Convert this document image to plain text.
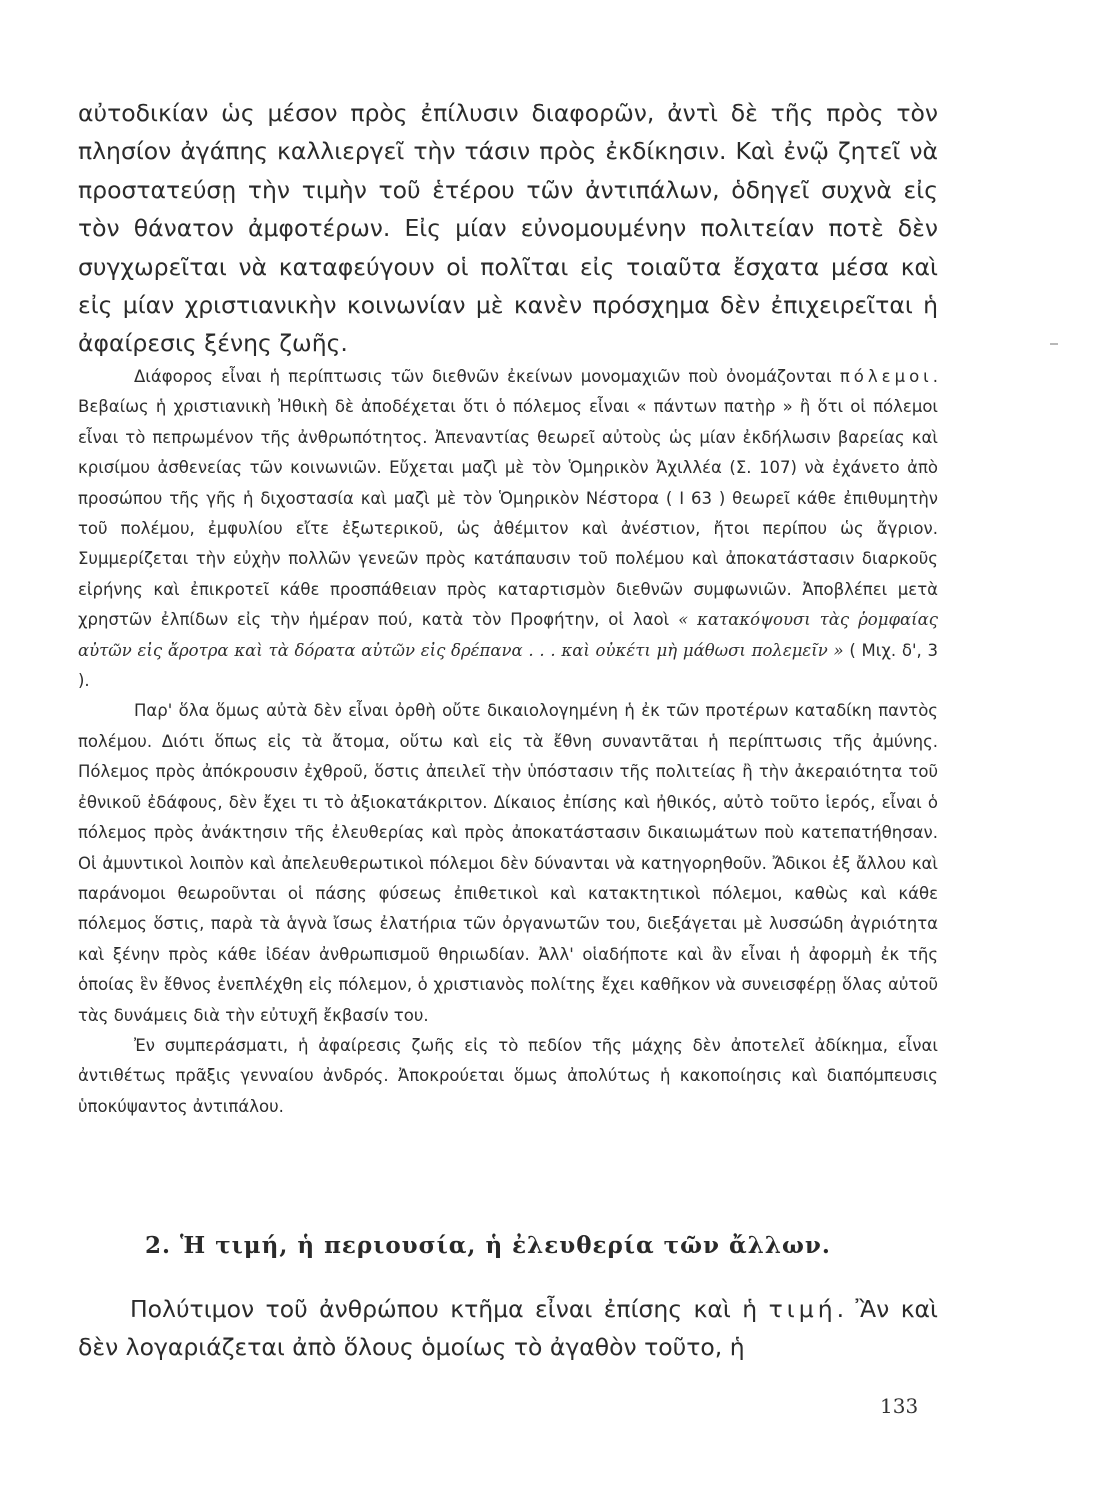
αὐτοδικίαν ὡς μέσον πρὸς ἐπίλυσιν διαφορῶν, ἀντὶ δὲ τῆς πρὸς τὸν πλησίον ἀγάπης καλλιεργεῖ τὴν τάσιν πρὸς ἐκδίκησιν. Καὶ ἐνῷ ζητεῖ νὰ προστατεύσῃ τὴν τιμὴν τοῦ ἑτέρου τῶν ἀντιπάλων, ὁδηγεῖ συχνὰ εἰς τὸν θάνατον ἀμφοτέρων. Εἰς μίαν εὐνομουμένην πολιτείαν ποτὲ δὲν συγχωρεῖται νὰ καταφεύγουν οἱ πολῖται εἰς τοιαῦτα ἔσχατα μέσα καὶ εἰς μίαν χριστιανικὴν κοινωνίαν μὲ κανὲν πρόσχημα δὲν ἐπιχειρεῖται ἡ ἀφαίρεσις ξένης ζωῆς.

Διάφορος εἶναι ἡ περίπτωσις τῶν διεθνῶν ἐκείνων μονομαχιῶν ποὺ ὀνομάζονται πόλεμοι. Βεβαίως ἡ χριστιανικὴ Ἠθικὴ δὲ ἀποδέχεται ὅτι ὁ πόλεμος εἶναι « πάντων πατὴρ » ἢ ὅτι οἱ πόλεμοι εἶναι τὸ πεπρωμένον τῆς ἀνθρωπότητος. Ἀπεναντίας θεωρεῖ αὐτοὺς ὡς μίαν ἐκδήλωσιν βαρείας καὶ κρισίμου ἀσθενείας τῶν κοινωνιῶν. Εὔχεται μαζὶ μὲ τὸν Ὁμηρικὸν Ἀχιλλέα (Σ. 107) νὰ ἐχάνετο ἀπὸ προσώπου τῆς γῆς ἡ διχοστασία καὶ μαζὶ μὲ τὸν Ὁμηρικὸν Νέστορα ( Ι 63 ) θεωρεῖ κάθε ἐπιθυμητὴν τοῦ πολέμου, ἐμφυλίου εἴτε ἐξωτερικοῦ, ὡς ἀθέμιτον καὶ ἀνέστιον, ἤτοι περίπου ὡς ἄγριον. Συμμερίζεται τὴν εὐχὴν πολλῶν γενεῶν πρὸς κατάπαυσιν τοῦ πολέμου καὶ ἀποκατάστασιν διαρκοῦς εἰρήνης καὶ ἐπικροτεῖ κάθε προσπάθειαν πρὸς καταρτισμὸν διεθνῶν συμφωνιῶν. Ἀποβλέπει μετὰ χρηστῶν ἐλπίδων εἰς τὴν ἡμέραν πού, κατὰ τὸν Προφήτην, οἱ λαοὶ « κατακόψουσι τὰς ῥομφαίας αὐτῶν εἰς ἄροτρα καὶ τὰ δόρατα αὐτῶν εἰς δρέπανα . . . καὶ οὐκέτι μὴ μάθωσι πολεμεῖν » ( Μιχ. δ', 3 ).

Παρ' ὅλα ὅμως αὐτὰ δὲν εἶναι ὀρθὴ οὔτε δικαιολογημένη ἡ ἐκ τῶν προτέρων καταδίκη παντὸς πολέμου. Διότι ὅπως εἰς τὰ ἄτομα, οὕτω καὶ εἰς τὰ ἔθνη συναντᾶται ἡ περίπτωσις τῆς ἀμύνης. Πόλεμος πρὸς ἀπόκρουσιν ἐχθροῦ, ὅστις ἀπειλεῖ τὴν ὑπόστασιν τῆς πολιτείας ἢ τὴν ἀκεραιότητα τοῦ ἐθνικοῦ ἐδάφους, δὲν ἔχει τι τὸ ἀξιοκατάκριτον. Δίκαιος ἐπίσης καὶ ἠθικός, αὐτὸ τοῦτο ἱερός, εἶναι ὁ πόλεμος πρὸς ἀνάκτησιν τῆς ἐλευθερίας καὶ πρὸς ἀποκατάστασιν δικαιωμάτων ποὺ κατεπατήθησαν. Οἱ ἀμυντικοὶ λοιπὸν καὶ ἀπελευθερωτικοὶ πόλεμοι δὲν δύνανται νὰ κατηγορηθοῦν. Ἄδικοι ἐξ ἄλλου καὶ παράνομοι θεωροῦνται οἱ πάσης φύσεως ἐπιθετικοὶ καὶ κατακτητικοὶ πόλεμοι, καθὼς καὶ κάθε πόλεμος ὅστις, παρὰ τὰ ἁγνὰ ἴσως ἐλατήρια τῶν ὀργανωτῶν του, διεξάγεται μὲ λυσσώδη ἀγριότητα καὶ ξένην πρὸς κάθε ἰδέαν ἀνθρωπισμοῦ θηριωδίαν. Ἀλλ' οἱαδήποτε καὶ ἂν εἶναι ἡ ἀφορμὴ ἐκ τῆς ὁποίας ἓν ἔθνος ἐνεπλέχθη εἰς πόλεμον, ὁ χριστιανὸς πολίτης ἔχει καθῆκον νὰ συνεισφέρῃ ὅλας αὐτοῦ τὰς δυνάμεις διὰ τὴν εὐτυχῆ ἔκβασίν του.

Ἐν συμπεράσματι, ἡ ἀφαίρεσις ζωῆς εἰς τὸ πεδίον τῆς μάχης δὲν ἀποτελεῖ ἀδίκημα, εἶναι ἀντιθέτως πρᾶξις γενναίου ἀνδρός. Ἀποκρούεται ὅμως ἀπολύτως ἡ κακοποίησις καὶ διαπόμπευσις ὑποκύψαντος ἀντιπάλου.

2. Ἡ τιμή, ἡ περιουσία, ἡ ἐλευθερία τῶν ἄλλων.

Πολύτιμον τοῦ ἀνθρώπου κτῆμα εἶναι ἐπίσης καὶ ἡ τιμή. Ἂν καὶ δὲν λογαριάζεται ἀπὸ ὅλους ὁμοίως τὸ ἀγαθὸν τοῦτο, ἡ

133
